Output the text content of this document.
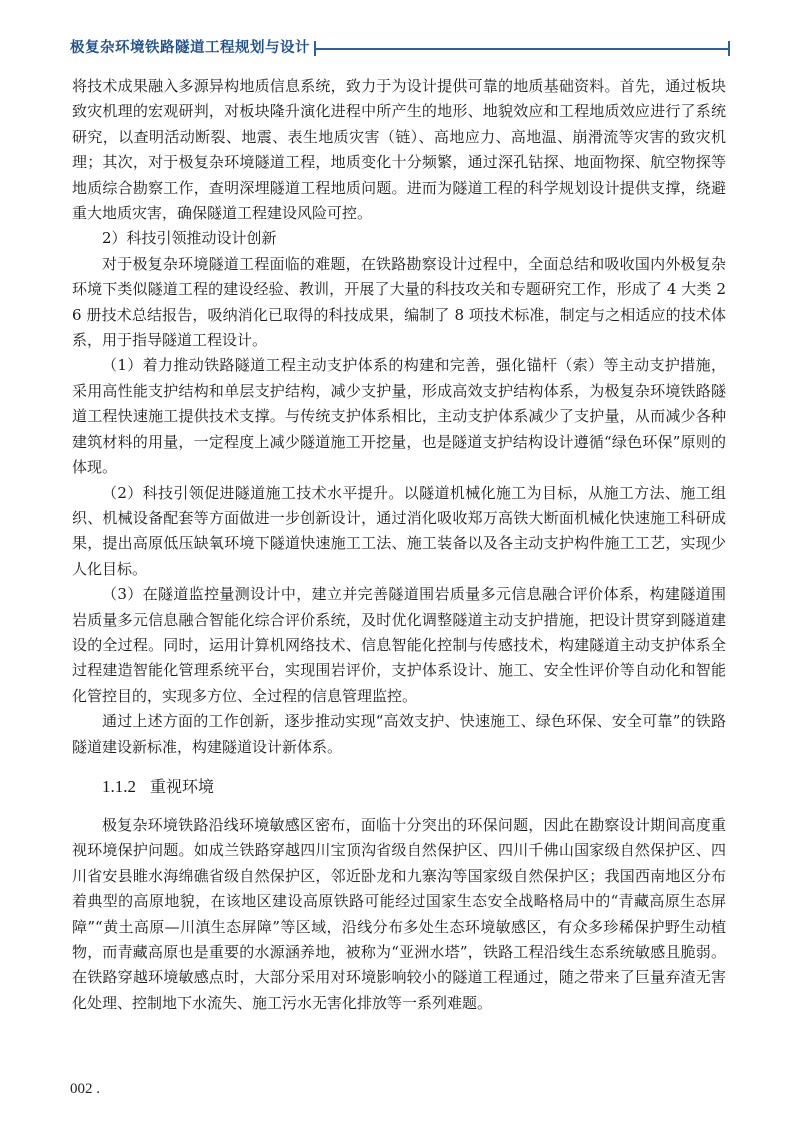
极复杂环境铁路隧道工程规划与设计

将技术成果融入多源异构地质信息系统，致力于为设计提供可靠的地质基础资料。首先，通过板块致灾机理的宏观研判，对板块隆升演化进程中所产生的地形、地貌效应和工程地质效应进行了系统研究，以查明活动断裂、地震、表生地质灾害（链）、高地应力、高地温、崩滑流等灾害的致灾机理；其次，对于极复杂环境隧道工程，地质变化十分频繁，通过深孔钻探、地面物探、航空物探等地质综合勘察工作，查明深埋隧道工程地质问题。进而为隧道工程的科学规划设计提供支撑，绕避重大地质灾害，确保隧道工程建设风险可控。

2）科技引领推动设计创新

对于极复杂环境隧道工程面临的难题，在铁路勘察设计过程中，全面总结和吸收国内外极复杂环境下类似隧道工程的建设经验、教训，开展了大量的科技攻关和专题研究工作，形成了 4 大类 26 册技术总结报告，吸纳消化已取得的科技成果，编制了 8 项技术标准，制定与之相适应的技术体系，用于指导隧道工程设计。

（1）着力推动铁路隧道工程主动支护体系的构建和完善，强化锚杆（索）等主动支护措施，采用高性能支护结构和单层支护结构，减少支护量，形成高效支护结构体系，为极复杂环境铁路隧道工程快速施工提供技术支撑。与传统支护体系相比，主动支护体系减少了支护量，从而减少各种建筑材料的用量，一定程度上减少隧道施工开挖量，也是隧道支护结构设计遵循“绿色环保”原则的体现。

（2）科技引领促进隧道施工技术水平提升。以隧道机械化施工为目标，从施工方法、施工组织、机械设备配套等方面做进一步创新设计，通过消化吸收郑万高铁大断面机械化快速施工科研成果，提出高原低压缺氧环境下隧道快速施工工法、施工装备以及各主动支护构件施工工艺，实现少人化目标。

（3）在隧道监控量测设计中，建立并完善隧道围岩质量多元信息融合评价体系，构建隧道围岩质量多元信息融合智能化综合评价系统，及时优化调整隧道主动支护措施，把设计贯穿到隧道建设的全过程。同时，运用计算机网络技术、信息智能化控制与传感技术，构建隧道主动支护体系全过程建造智能化管理系统平台，实现围岩评价，支护体系设计、施工、安全性评价等自动化和智能化管控目的，实现多方位、全过程的信息管理监控。

通过上述方面的工作创新，逐步推动实现“高效支护、快速施工、绿色环保、安全可靠”的铁路隧道建设新标准，构建隧道设计新体系。

1.1.2 重视环境

极复杂环境铁路沿线环境敏感区密布，面临十分突出的环保问题，因此在勘察设计期间高度重视环境保护问题。如成兰铁路穿越四川宝顶沟省级自然保护区、四川千佛山国家级自然保护区、四川省安县睢水海绵礁省级自然保护区，邻近卧龙和九寨沟等国家级自然保护区；我国西南地区分布着典型的高原地貌，在该地区建设高原铁路可能经过国家生态安全战略格局中的“青藏高原生态屏障”“黄土高原—川滇生态屏障”等区域，沿线分布多处生态环境敏感区，有众多珍稀保护野生动植物，而青藏高原也是重要的水源涵养地，被称为“亚洲水塔”，铁路工程沿线生态系统敏感且脆弱。在铁路穿越环境敏感点时，大部分采用对环境影响较小的隧道工程通过，随之带来了巨量弃渣无害化处理、控制地下水流失、施工污水无害化排放等一系列难题。

002 .
